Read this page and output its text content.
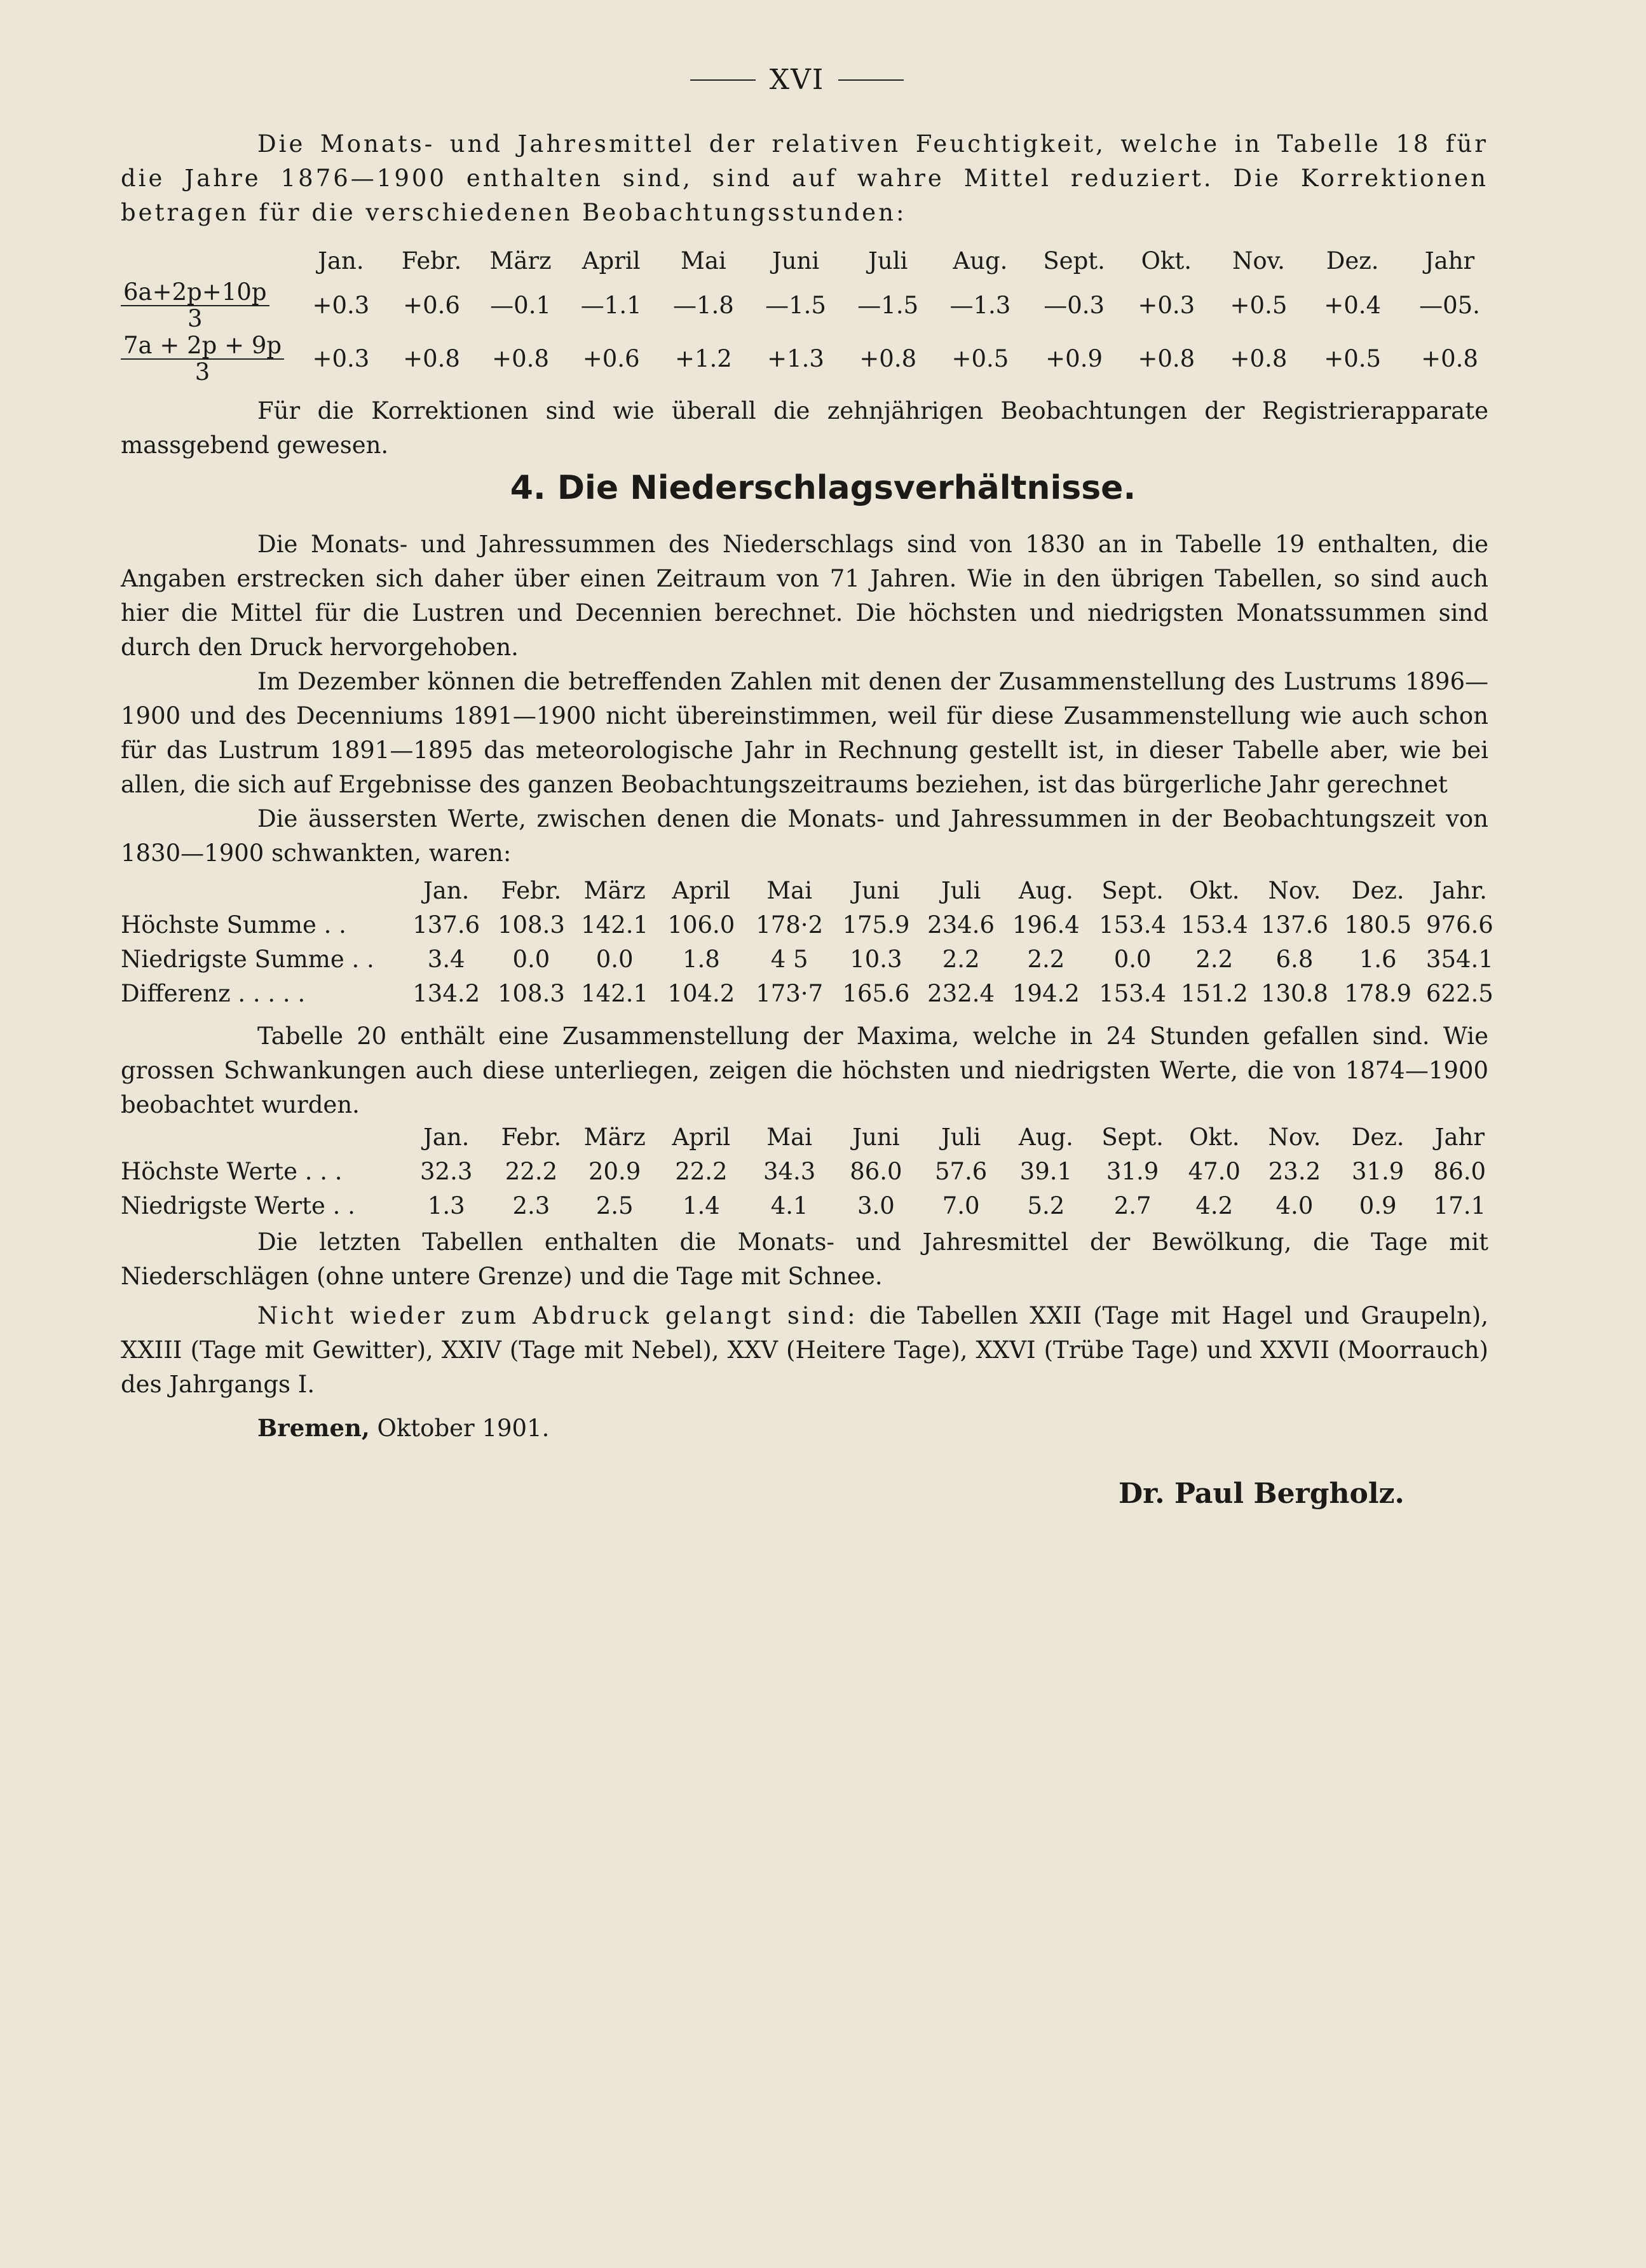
XVI

Die Monats- und Jahresmittel der relativen Feuchtigkeit, welche in Tabelle 18 für die Jahre 1876—1900 enthalten sind, sind auf wahre Mittel reduziert. Die Korrektionen betragen für die verschiedenen Beobachtungsstunden:

	Jan.	Febr.	März	April	Mai	Juni	Juli	Aug.	Sept.	Okt.	Nov.	Dez.	Jahr

$\frac{6a+2p+10p}{3}$	+0.3	+0.6	—0.1	—1.1	—1.8	—1.5	—1.5	—1.3	—0.3	+0.3	+0.5	+0.4	—05.

$\frac{7a + 2p + 9p}{3}$	+0.3	+0.8	+0.8	+0.6	+1.2	+1.3	+0.8	+0.5	+0.9	+0.8	+0.8	+0.5	+0.8

Für die Korrektionen sind wie überall die zehnjährigen Beobachtungen der Registrierapparate massgebend gewesen.

4. Die Niederschlagsverhältnisse.

Die Monats- und Jahressummen des Niederschlags sind von 1830 an in Tabelle 19 enthalten, die Angaben erstrecken sich daher über einen Zeitraum von 71 Jahren. Wie in den übrigen Tabellen, so sind auch hier die Mittel für die Lustren und Decennien berechnet. Die höchsten und niedrigsten Monatssummen sind durch den Druck hervorgehoben.

Im Dezember können die betreffenden Zahlen mit denen der Zusammenstellung des Lustrums 1896—1900 und des Decenniums 1891—1900 nicht übereinstimmen, weil für diese Zusammenstellung wie auch schon für das Lustrum 1891—1895 das meteorologische Jahr in Rechnung gestellt ist, in dieser Tabelle aber, wie bei allen, die sich auf Ergebnisse des ganzen Beobachtungszeitraums beziehen, ist das bürgerliche Jahr gerechnet

Die äussersten Werte, zwischen denen die Monats- und Jahressummen in der Beobachtungszeit von 1830—1900 schwankten, waren:

	Jan.	Febr.	März	April	Mai	Juni	Juli	Aug.	Sept.	Okt.	Nov.	Dez.	Jahr.
Höchste Summe . .	137.6	108.3	142.1	106.0	178·2	175.9	234.6	196.4	153.4	153.4	137.6	180.5	976.6
Niedrigste Summe . .	3.4	0.0	0.0	1.8	4 5	10.3	2.2	2.2	0.0	2.2	6.8	1.6	354.1
Differenz . . . . .	134.2	108.3	142.1	104.2	173·7	165.6	232.4	194.2	153.4	151.2	130.8	178.9	622.5

Tabelle 20 enthält eine Zusammenstellung der Maxima, welche in 24 Stunden gefallen sind. Wie grossen Schwankungen auch diese unterliegen, zeigen die höchsten und niedrigsten Werte, die von 1874—1900 beobachtet wurden.

	Jan.	Febr.	März	April	Mai	Juni	Juli	Aug.	Sept.	Okt.	Nov.	Dez.	Jahr
Höchste Werte . . .	32.3	22.2	20.9	22.2	34.3	86.0	57.6	39.1	31.9	47.0	23.2	31.9	86.0
Niedrigste Werte . .	1.3	2.3	2.5	1.4	4.1	3.0	7.0	5.2	2.7	4.2	4.0	0.9	17.1

Die letzten Tabellen enthalten die Monats- und Jahresmittel der Bewölkung, die Tage mit Niederschlägen (ohne untere Grenze) und die Tage mit Schnee.

Nicht wieder zum Abdruck gelangt sind: die Tabellen XXII (Tage mit Hagel und Graupeln), XXIII (Tage mit Gewitter), XXIV (Tage mit Nebel), XXV (Heitere Tage), XXVI (Trübe Tage) und XXVII (Moorrauch) des Jahrgangs I.

Bremen, Oktober 1901.

Dr. Paul Bergholz.
